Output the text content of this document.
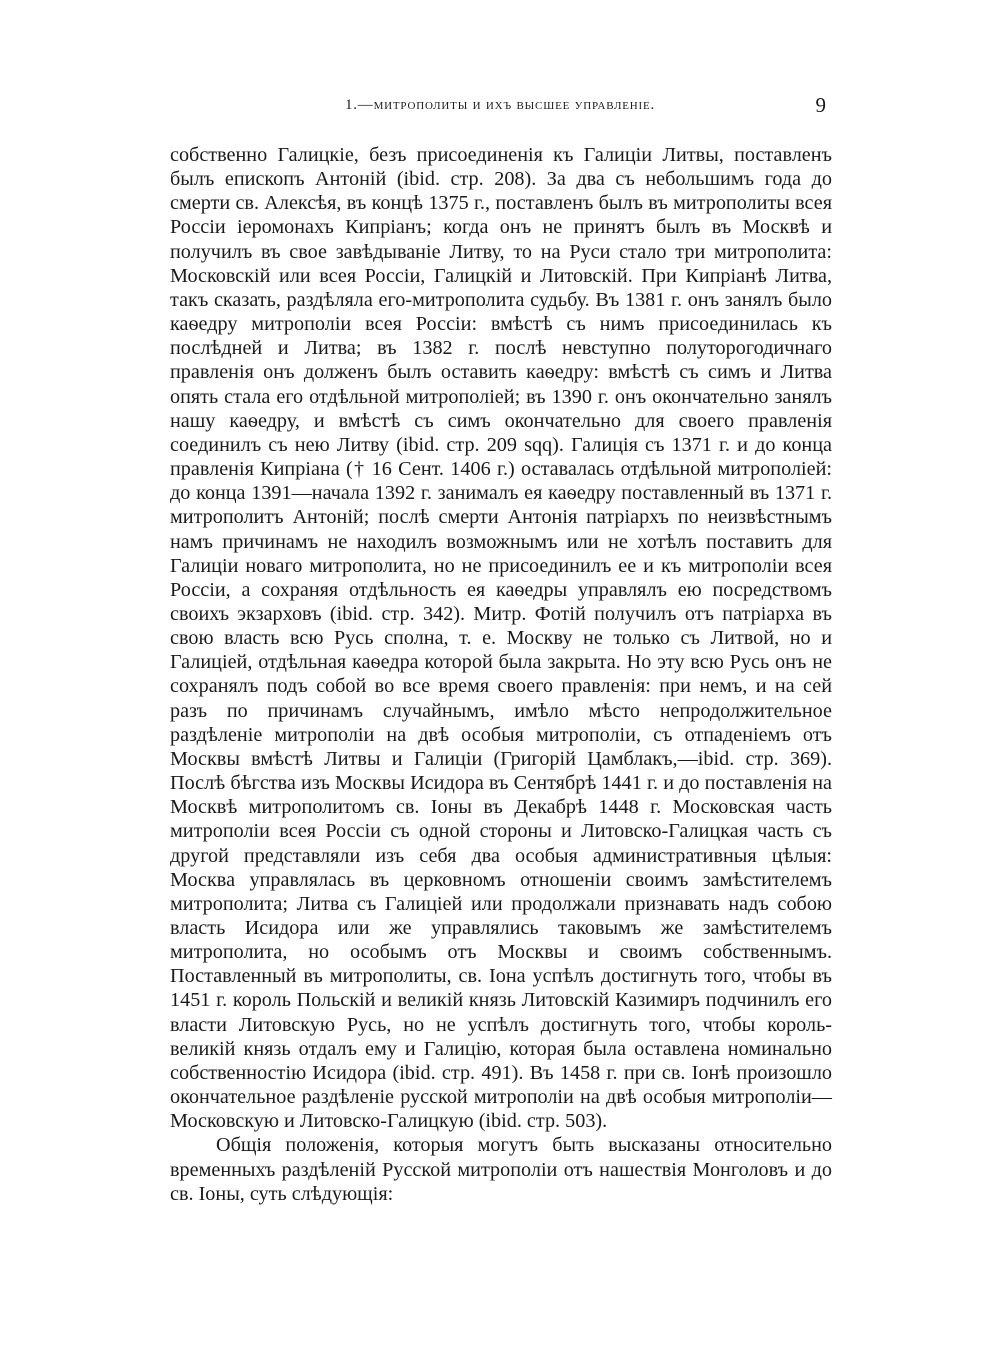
1.—митрополиты и ихъ высшее управленіе.	9

собственно Галицкіе, безъ присоединенія къ Галиціи Литвы, поставленъ былъ епископъ Антоній (ibid. стр. 208). За два съ небольшимъ года до смерти св. Алексѣя, въ концѣ 1375 г., поставленъ былъ въ митрополиты всея Россіи іеромонахъ Кипріанъ; когда онъ не принятъ былъ въ Москвѣ и получилъ въ свое завѣдываніе Литву, то на Руси стало три митрополита: Московскій или всея Россіи, Галицкій и Литовскій. При Кипріанѣ Литва, такъ сказать, раздѣляла его-митрополита судьбу. Въ 1381 г. онъ занялъ было каѳедру митрополіи всея Россіи: вмѣстѣ съ нимъ присоединилась къ послѣдней и Литва; въ 1382 г. послѣ невступно полуторогодичнаго правленія онъ долженъ былъ оставить каѳедру: вмѣстѣ съ симъ и Литва опять стала его отдѣльной митрополіей; въ 1390 г. онъ окончательно занялъ нашу каѳедру, и вмѣстѣ съ симъ окончательно для своего правленія соединилъ съ нею Литву (ibid. стр. 209 sqq). Галиція съ 1371 г. и до конца правленія Кипріана († 16 Сент. 1406 г.) оставалась отдѣльной митрополіей: до конца 1391—начала 1392 г. занималъ ея каѳедру поставленный въ 1371 г. митрополитъ Антоній; послѣ смерти Антонія патріархъ по неизвѣстнымъ намъ причинамъ не находилъ возможнымъ или не хотѣлъ поставить для Галиціи новаго митрополита, но не присоединилъ ее и къ митрополіи всея Россіи, а сохраняя отдѣльность ея каѳедры управлялъ ею посредствомъ своихъ экзарховъ (ibid. стр. 342). Митр. Фотій получилъ отъ патріарха въ свою власть всю Русь сполна, т. е. Москву не только съ Литвой, но и Галиціей, отдѣльная каѳедра которой была закрыта. Но эту всю Русь онъ не сохранялъ подъ собой во все время своего правленія: при немъ, и на сей разъ по причинамъ случайнымъ, имѣло мѣсто непродолжительное раздѣленіе митрополіи на двѣ особыя митрополіи, съ отпаденіемъ отъ Москвы вмѣстѣ Литвы и Галиціи (Григорій Цамблакъ,—ibid. стр. 369). Послѣ бѣгства изъ Москвы Исидора въ Сентябрѣ 1441 г. и до поставленія на Москвѣ митрополитомъ св. Іоны въ Декабрѣ 1448 г. Московская часть митрополіи всея Россіи съ одной стороны и Литовско-Галицкая часть съ другой представляли изъ себя два особыя административныя цѣлыя: Москва управлялась въ церковномъ отношеніи своимъ замѣстителемъ митрополита; Литва съ Галиціей или продолжали признавать надъ собою власть Исидора или же управлялись таковымъ же замѣстителемъ митрополита, но особымъ отъ Москвы и своимъ собственнымъ. Поставленный въ митрополиты, св. Іона успѣлъ достигнуть того, чтобы въ 1451 г. король Польскій и великій князь Литовскій Казимиръ подчинилъ его власти Литовскую Русь, но не успѣлъ достигнуть того, чтобы король-великій князь отдалъ ему и Галицію, которая была оставлена номинально собственностію Исидора (ibid. стр. 491). Въ 1458 г. при св. Іонѣ произошло окончательное раздѣленіе русской митрополіи на двѣ особыя митрополіи—Московскую и Литовско-Галицкую (ibid. стр. 503).

Общія положенія, которыя могутъ быть высказаны относительно временныхъ раздѣленій Русской митрополіи отъ нашествія Монголовъ и до св. Іоны, суть слѣдующія:
